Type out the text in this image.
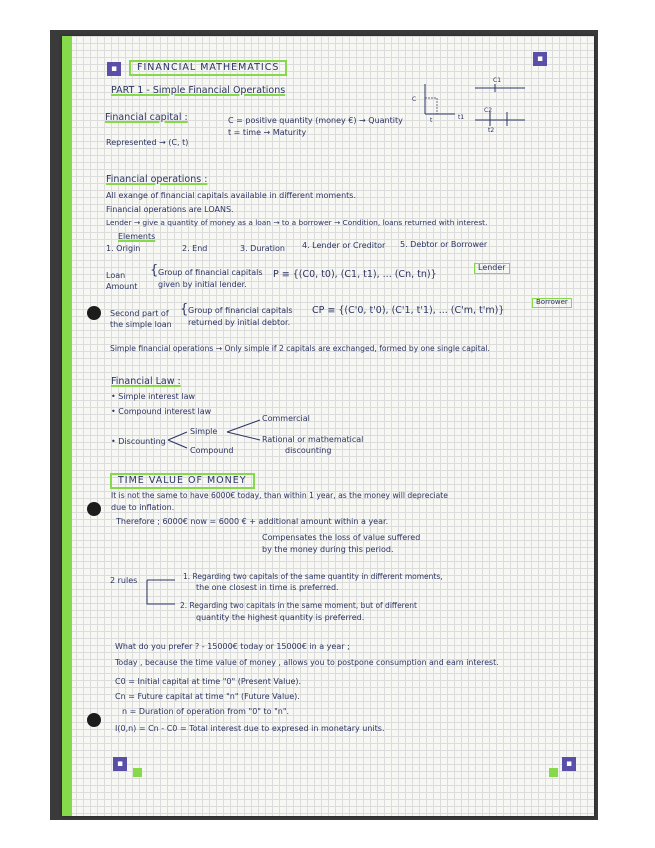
▪
▪
▪	▪
FINANCIAL MATHEMATICS
PART 1 - Simple Financial Operations
Financial capital :	C = positive quantity (money €) → Quantity
t = time → Maturity
Represented → (C, t)
C
t
C1
C2
t2
t1
Financial operations :
All exange of financial capitals available in different moments.
Financial operations are LOANS.
Lender → give a quantity of money as a loan → to a borrower → Condition, loans returned with interest.
Elements
1. Origin	2. End	3. Duration 4. Lender or Creditor 5. Debtor or Borrower
Loan
Amount
{ Group of financial capitals
given by initial lender.
P ≡ {(C0, t0), (C1, t1), ... (Cn, tn)}
Lender
Second part of
the simple loan
{ Group of financial capitals
returned by initial debtor.
CP ≡ {(C'0, t'0), (C'1, t'1), ... (C'm, t'm)}
Borrower
Simple financial operations → Only simple if 2 capitals are exchanged, formed by one single capital.
Financial Law :
• Simple interest law
• Compound interest law
• Discounting
Simple
Compound
Commercial
Rational or mathematical
discounting
TIME VALUE OF MONEY
It is not the same to have 6000€ today, than within 1 year, as the money will depreciate
due to inflation.
Therefore ; 6000€ now = 6000 € + additional amount within a year.
Compensates the loss of value suffered
by the money during this period.
2 rules	1. Regarding two capitals of the same quantity in different moments,
the one closest in time is preferred.
2. Regarding two capitals in the same moment, but of different
quantity the highest quantity is preferred.
What do you prefer ? - 15000€ today or 15000€ in a year ;
Today , because the time value of money , allows you to postpone consumption and earn interest.
C0 = Initial capital at time "0" (Present Value).
Cn = Future capital at time "n" (Future Value).
n = Duration of operation from "0" to "n".
I(0,n) = Cn - C0 = Total interest due to expresed in monetary units.
